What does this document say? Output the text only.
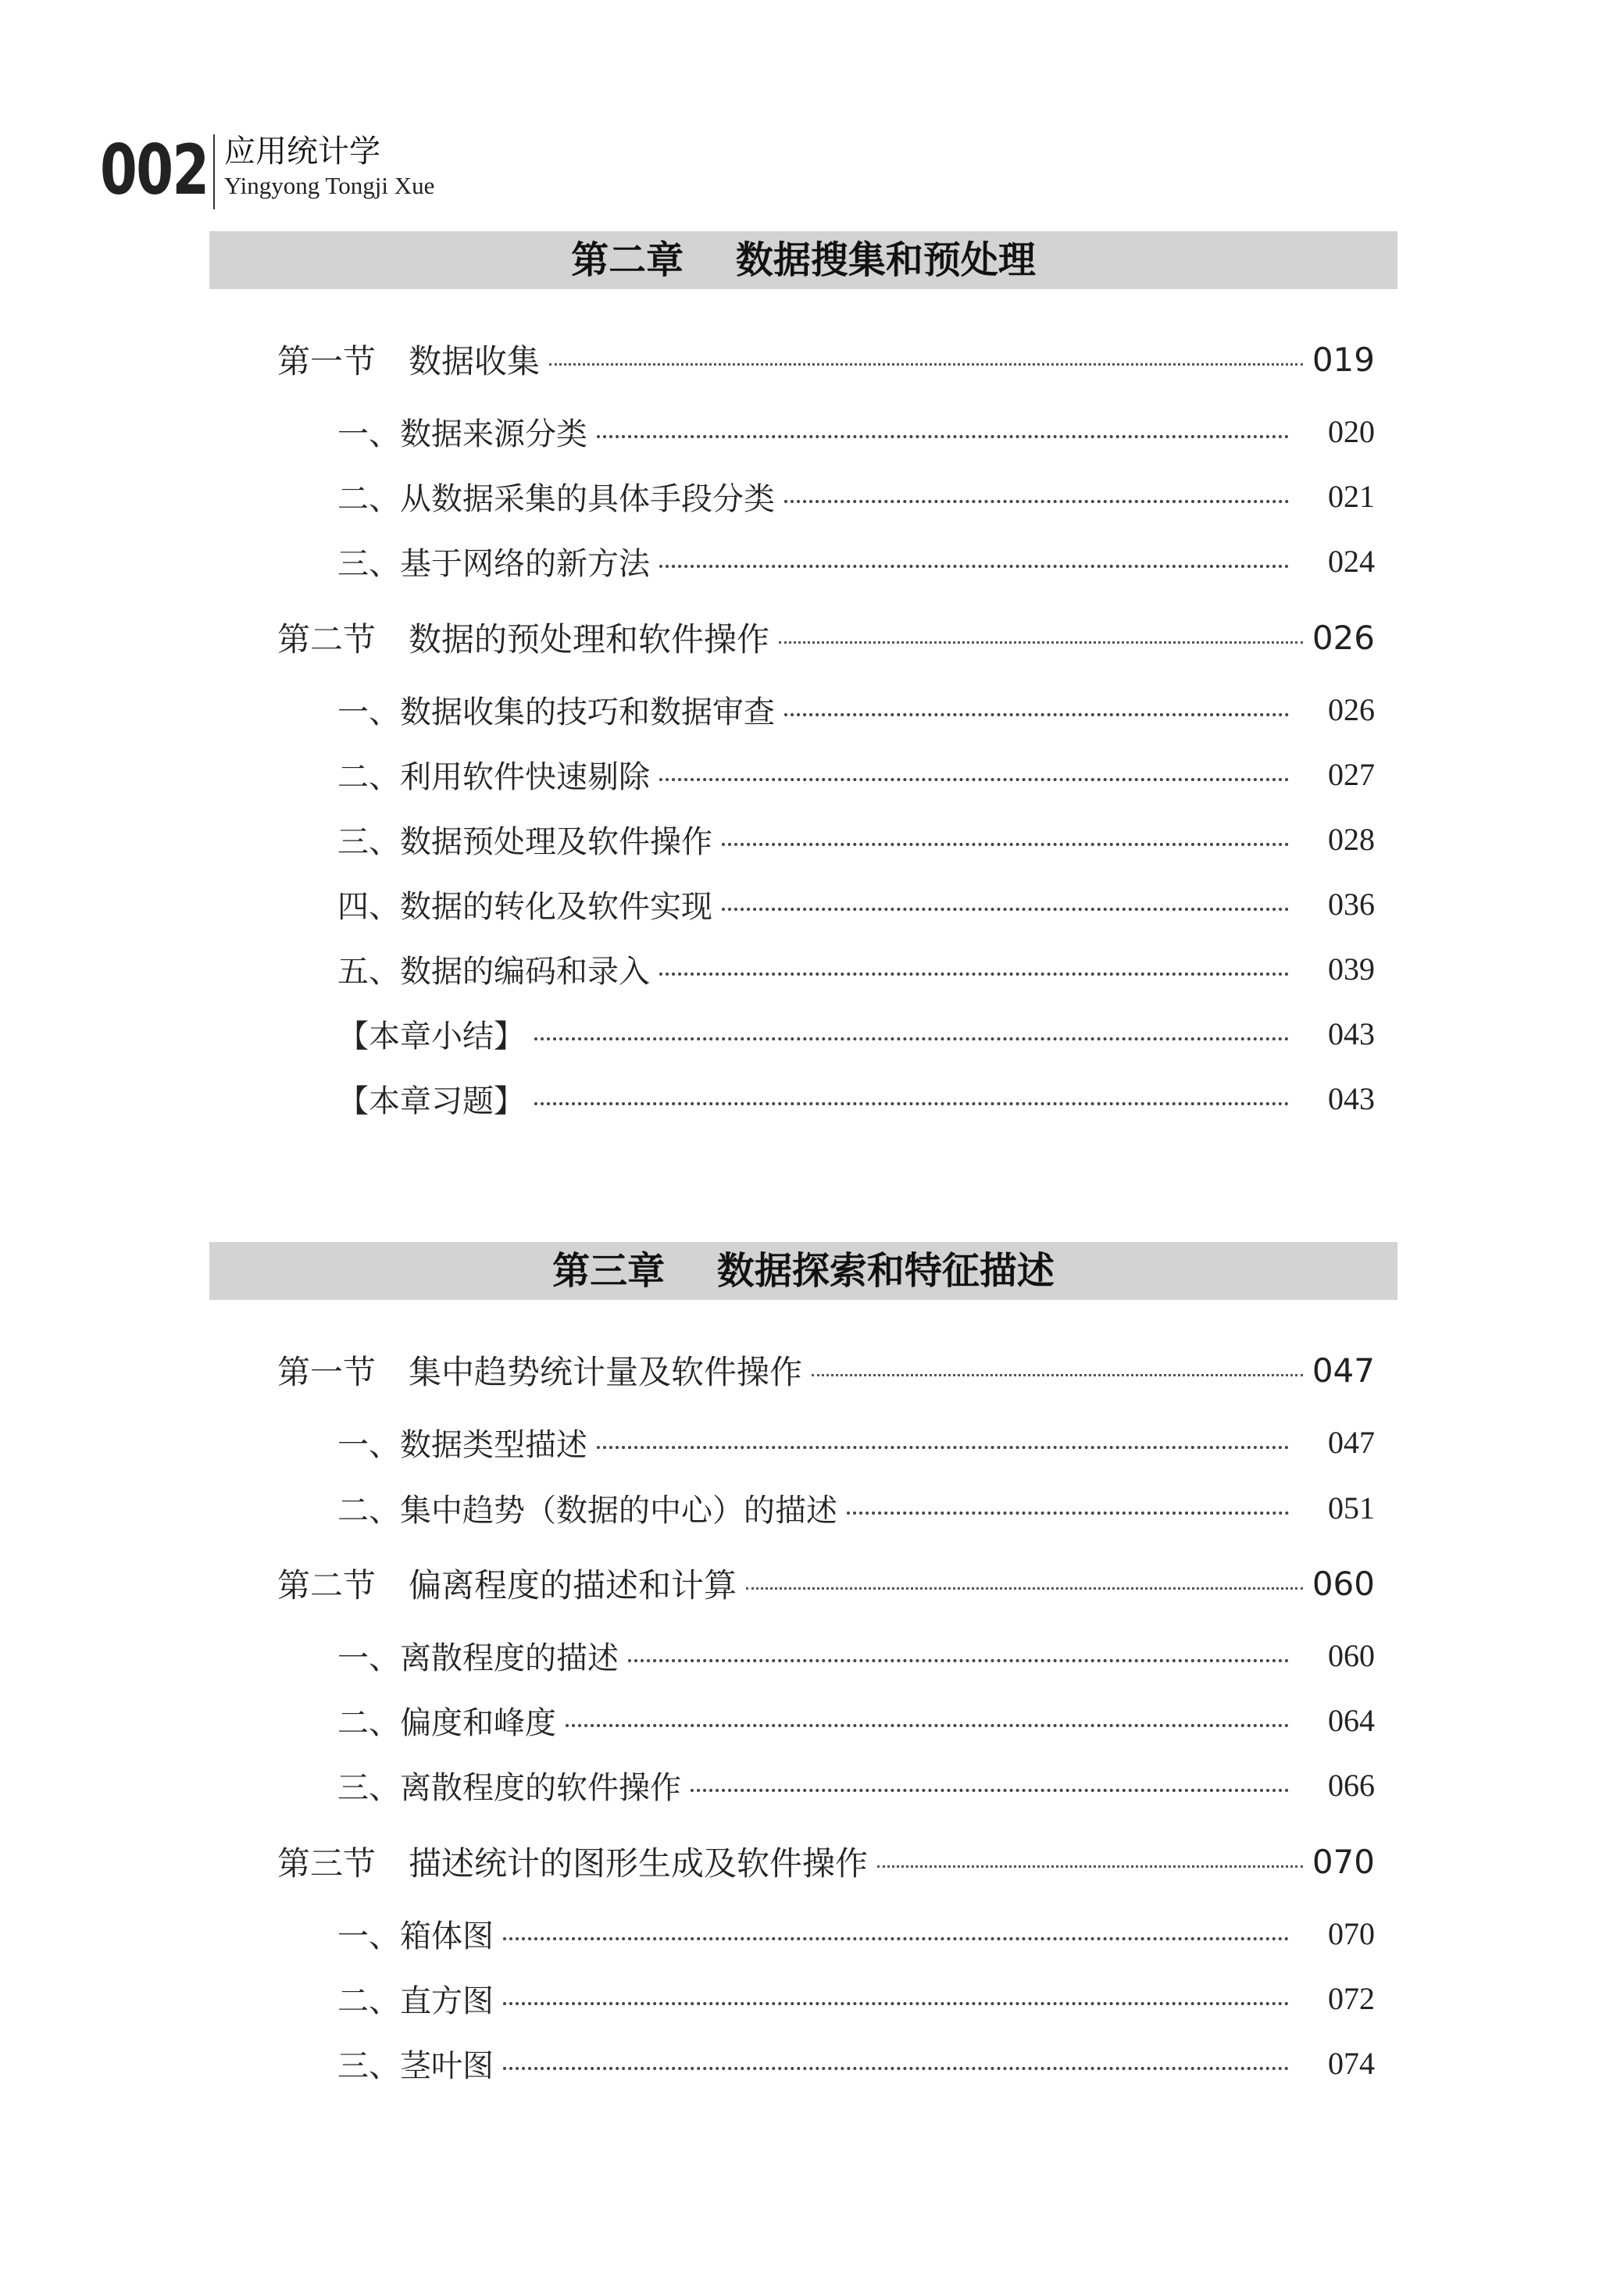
002 应用统计学
Yingyong Tongji Xue
第二章    数据搜集和预处理
第一节 数据收集	019
一、数据来源分类	020
二、从数据采集的具体手段分类	021
三、基于网络的新方法	024
第二节 数据的预处理和软件操作	026
一、数据收集的技巧和数据审查	026
二、利用软件快速剔除	027
三、数据预处理及软件操作	028
四、数据的转化及软件实现	036
五、数据的编码和录入	039
【本章小结】	043
【本章习题】	043
第三章    数据探索和特征描述
第一节 集中趋势统计量及软件操作	047
一、数据类型描述	047
二、集中趋势（数据的中心）的描述	051
第二节 偏离程度的描述和计算	060
一、离散程度的描述	060
二、偏度和峰度	064
三、离散程度的软件操作	066
第三节 描述统计的图形生成及软件操作	070
一、箱体图	070
二、直方图	072
三、茎叶图	074
